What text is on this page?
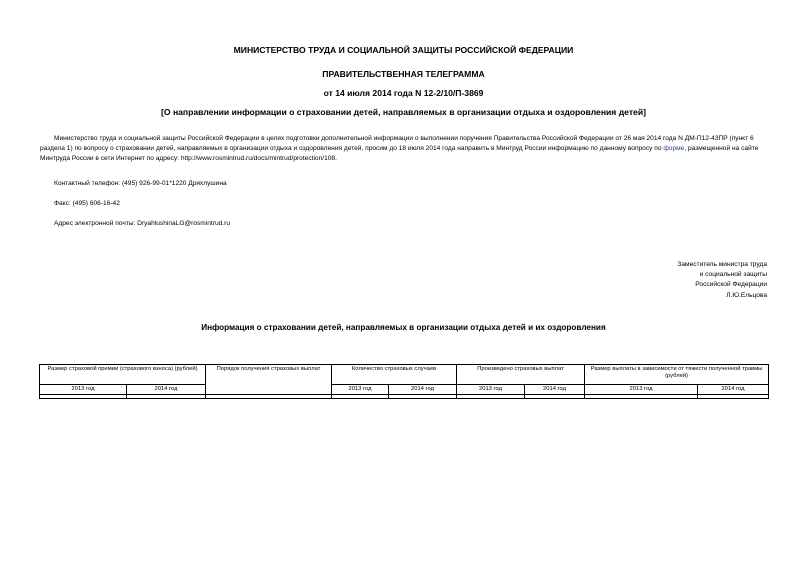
МИНИСТЕРСТВО ТРУДА И СОЦИАЛЬНОЙ ЗАЩИТЫ РОССИЙСКОЙ ФЕДЕРАЦИИ
ПРАВИТЕЛЬСТВЕННАЯ ТЕЛЕГРАММА
от 14 июля 2014 года N 12-2/10/П-3869
[О направлении информации о страховании детей, направляемых в организации отдыха и оздоровления детей]
Министерство труда и социальной защиты Российской Федерации в целях подготовки дополнительной информации о выполнении поручения Правительства Российской Федерации от 26 мая 2014 года N ДМ-П12-43ПР (пункт 6 раздела 1) по вопросу о страховании детей, направляемых в организации отдыха и оздоровления детей, просим до 18 июля 2014 года направить в Минтруд России информацию по данному вопросу по форме, размещенной на сайте Минтруда России в сети Интернет по адресу: http://www.rosmintrud.ru/docs/mintrud/protection/108.
Контактный телефон: (495) 926-99-01*1220 Дряхлушина
Факс: (495) 606-16-42
Адрес электронной почты: DryahlushinaLG@rosmintrud.ru
Заместитель министра труда
и социальной защиты
Российской Федерации
Л.Ю.Ельцова
Информация о страховании детей, направляемых в организации отдыха детей и их оздоровления
Размер страховой премии (страхового взноса) (рублей)		Порядок получения страховых выплат	Количество страховых случаев		Произведено страховых выплат		Размер выплаты в зависимости от тяжести полученной травмы (рублей)	
2013 год	2014 год		2013 год	2014 год	2013 год	2014 год	2013 год	2014 год
